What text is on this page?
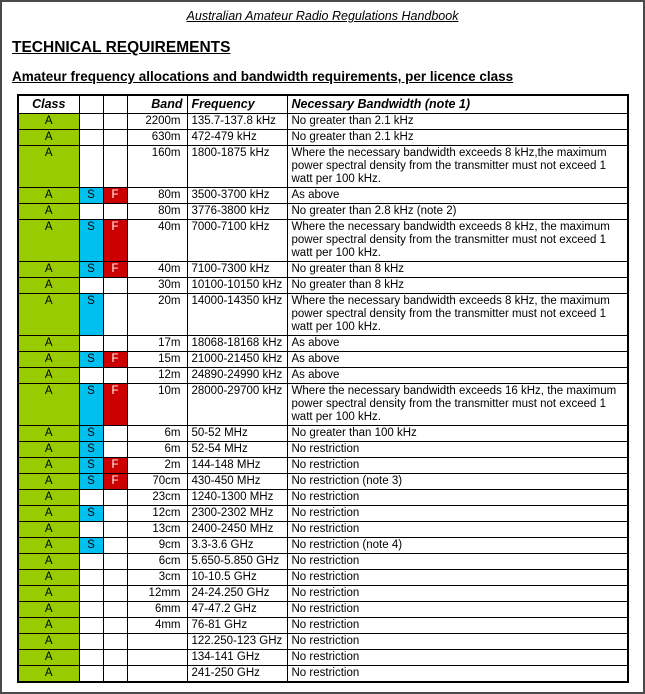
Australian Amateur Radio Regulations Handbook
TECHNICAL REQUIREMENTS
Amateur frequency allocations and bandwidth requirements, per licence class
Class			Band	Frequency	Necessary Bandwidth (note 1)
A			2200m	135.7-137.8 kHz	No greater than 2.1 kHz
A			630m	472-479 kHz	No greater than 2.1 kHz
A			160m	1800-1875 kHz	Where the necessary bandwidth exceeds 8 kHz,the maximum power spectral density from the transmitter must not exceed 1 watt per 100 kHz.
A	S	F	80m	3500-3700 kHz	As above
A			80m	3776-3800 kHz	No greater than 2.8 kHz (note 2)
A	S	F	40m	7000-7100 kHz	Where the necessary bandwidth exceeds 8 kHz, the maximum power spectral density from the transmitter must not exceed 1 watt per 100 kHz.
A	S	F	40m	7100-7300 kHz	No greater than 8 kHz
A			30m	10100-10150 kHz	No greater than 8 kHz
A	S		20m	14000-14350 kHz	Where the necessary bandwidth exceeds 8 kHz, the maximum power spectral density from the transmitter must not exceed 1 watt per 100 kHz.
A			17m	18068-18168 kHz	As above
A	S	F	15m	21000-21450 kHz	As above
A			12m	24890-24990 kHz	As above
A	S	F	10m	28000-29700 kHz	Where the necessary bandwidth exceeds 16 kHz, the maximum power spectral density from the transmitter must not exceed 1 watt per 100 kHz.
A	S		6m	50-52 MHz	No greater than 100 kHz
A	S		6m	52-54 MHz	No restriction
A	S	F	2m	144-148 MHz	No restriction
A	S	F	70cm	430-450 MHz	No restriction (note 3)
A			23cm	1240-1300 MHz	No restriction
A	S		12cm	2300-2302 MHz	No restriction
A			13cm	2400-2450 MHz	No restriction
A	S		9cm	3.3-3.6 GHz	No restriction (note 4)
A			6cm	5.650-5.850 GHz	No restriction
A			3cm	10-10.5 GHz	No restriction
A			12mm	24-24.250 GHz	No restriction
A			6mm	47-47.2 GHz	No restriction
A			4mm	76-81 GHz	No restriction
A				122.250-123 GHz	No restriction
A				134-141 GHz	No restriction
A				241-250 GHz	No restriction
